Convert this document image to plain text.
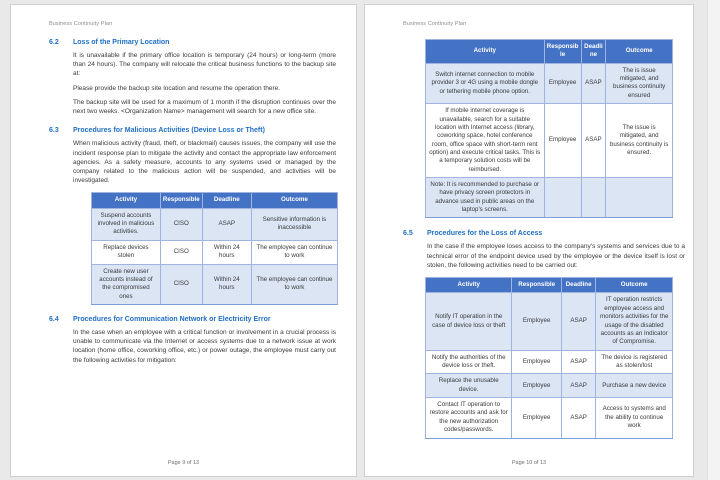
Business Continuity Plan
6.2	Loss of the Primary Location

It is unavailable if the primary office location is temporary (24 hours) or long-term (more than 24 hours). The company will relocate the critical business functions to the backup site at:

Please provide the backup site location and resume the operation there.

The backup site will be used for a maximum of 1 month if the disruption continues over the next two weeks. <Organization Name> management will search for a new office site.

6.3	Procedures for Malicious Activities (Device Loss or Theft)

When malicious activity (fraud, theft, or blackmail) causes issues, the company will use the incident response plan to mitigate the activity and contact the appropriate law enforcement agencies. As a safety measure, accounts to any systems used or managed by the company related to the malicious action will be suspended, and activities will be investigated.

Activity	Responsible	Deadline	Outcome
Suspend accounts involved in malicious activities.	CISO	ASAP	Sensitive information is inaccessible
Replace devices stolen	CISO	Within 24 hours	The employee can continue to work
Create new user accounts instead of the compromised ones	CISO	Within 24 hours	The employee can continue to work
6.4	Procedures for Communication Network or Electricity Error

In the case when an employee with a critical function or involvement in a crucial process is unable to communicate via the Internet or access systems due to a network issue at work location (home office, coworking office, etc.) or power outage, the employee must carry out the following activities for mitigation:

Page 9 of 13
Business Continuity Plan
Activity	Responsible	Deadline	Outcome
Switch internet connection to mobile provider 3 or 4G using a mobile dongle or tethering mobile phone option.	Employee	ASAP	The is issue mitigated, and business continuity ensured
If mobile internet coverage is unavailable, search for a suitable location with Internet access (library, coworking space, hotel conference room, office space with short-term rent option) and execute critical tasks. This is a temporary solution costs will be reimbursed.	Employee	ASAP	The issue is mitigated, and business continuity is ensured.
Note: It is recommended to purchase or have privacy screen protectors in advance used in public areas on the laptop's screens.			
6.5	Procedures for the Loss of Access

In the case if the employee loses access to the company's systems and services due to a technical error of the endpoint device used by the employee or the device itself is lost or stolen, the following activities need to be carried out:

Activity	Responsible	Deadline	Outcome
Notify IT operation in the case of device loss or theft	Employee	ASAP	IT operation restricts employee access and monitors activities for the usage of the disabled accounts as an Indicator of Compromise.
Notify the authorities of the device loss or theft.	Employee	ASAP	The device is registered as stolen/lost
Replace the unusable device.	Employee	ASAP	Purchase a new device
Contact IT operation to restore accounts and ask for the new authorization codes/passwords.	Employee	ASAP	Access to systems and the ability to continue work
Page 10 of 13
